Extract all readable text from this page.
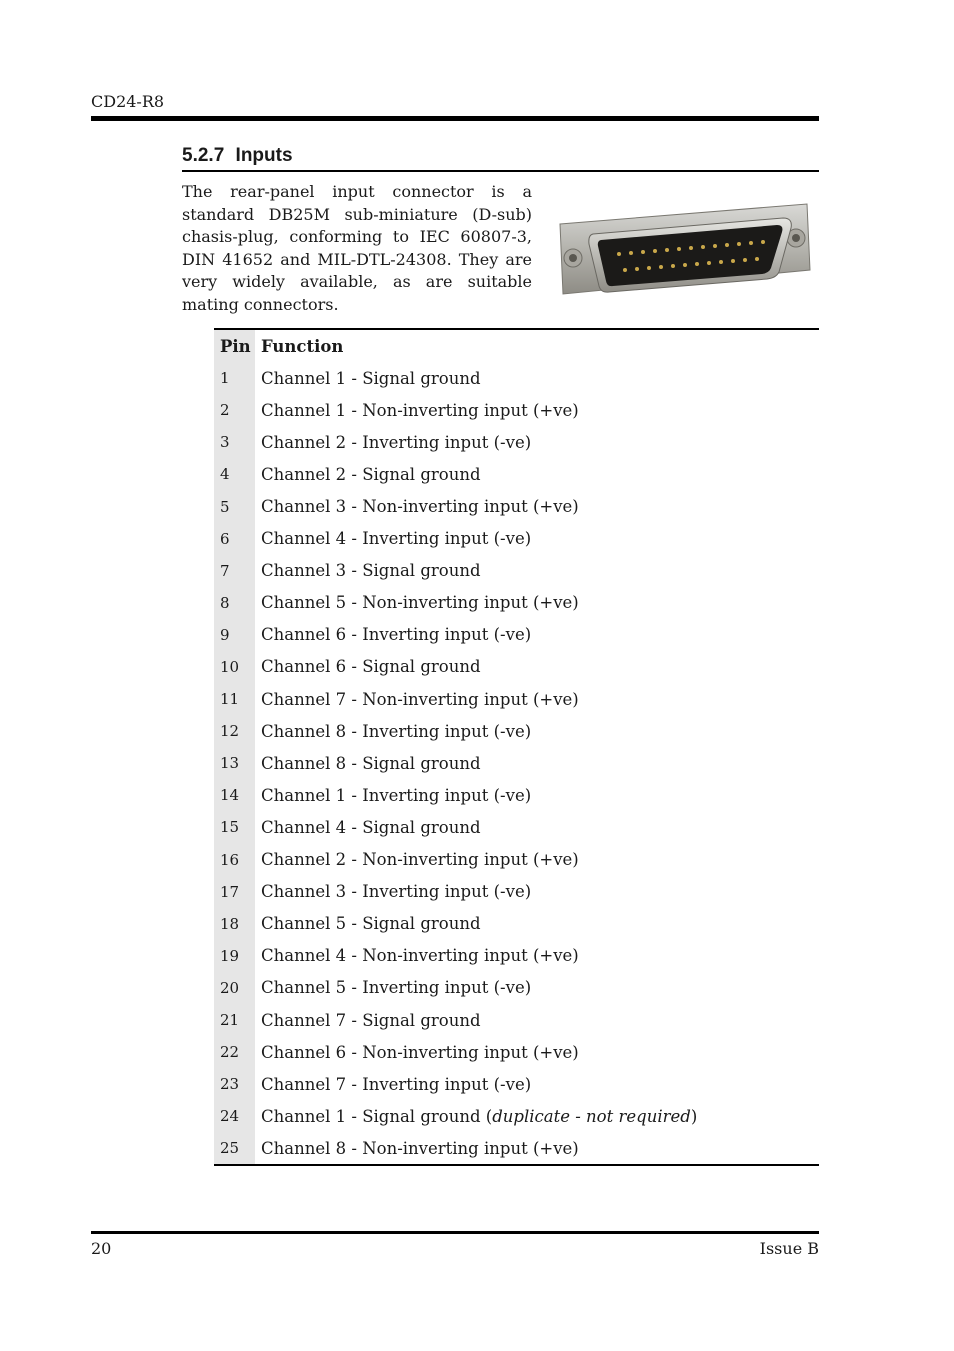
CD24-R8
5.2.7 Inputs

The rear-panel input connector is a standard DB25M sub-miniature (D-sub) chasis-plug, conforming to IEC 60807-3, DIN 41652 and MIL-DTL-24308. They are very widely available, as are suitable mating connectors.

Pin	Function
1	Channel 1 - Signal ground
2	Channel 1 - Non-inverting input (+ve)
3	Channel 2 - Inverting input (-ve)
4	Channel 2 - Signal ground
5	Channel 3 - Non-inverting input (+ve)
6	Channel 4 - Inverting input (-ve)
7	Channel 3 - Signal ground
8	Channel 5 - Non-inverting input (+ve)
9	Channel 6 - Inverting input (-ve)
10	Channel 6 - Signal ground
11	Channel 7 - Non-inverting input (+ve)
12	Channel 8 - Inverting input (-ve)
13	Channel 8 - Signal ground
14	Channel 1 - Inverting input (-ve)
15	Channel 4 - Signal ground
16	Channel 2 - Non-inverting input (+ve)
17	Channel 3 - Inverting input (-ve)
18	Channel 5 - Signal ground
19	Channel 4 - Non-inverting input (+ve)
20	Channel 5 - Inverting input (-ve)
21	Channel 7 - Signal ground
22	Channel 6 - Non-inverting input (+ve)
23	Channel 7 - Inverting input (-ve)
24	Channel 1 - Signal ground (duplicate - not required)
25	Channel 8 - Non-inverting input (+ve)
20	Issue B
